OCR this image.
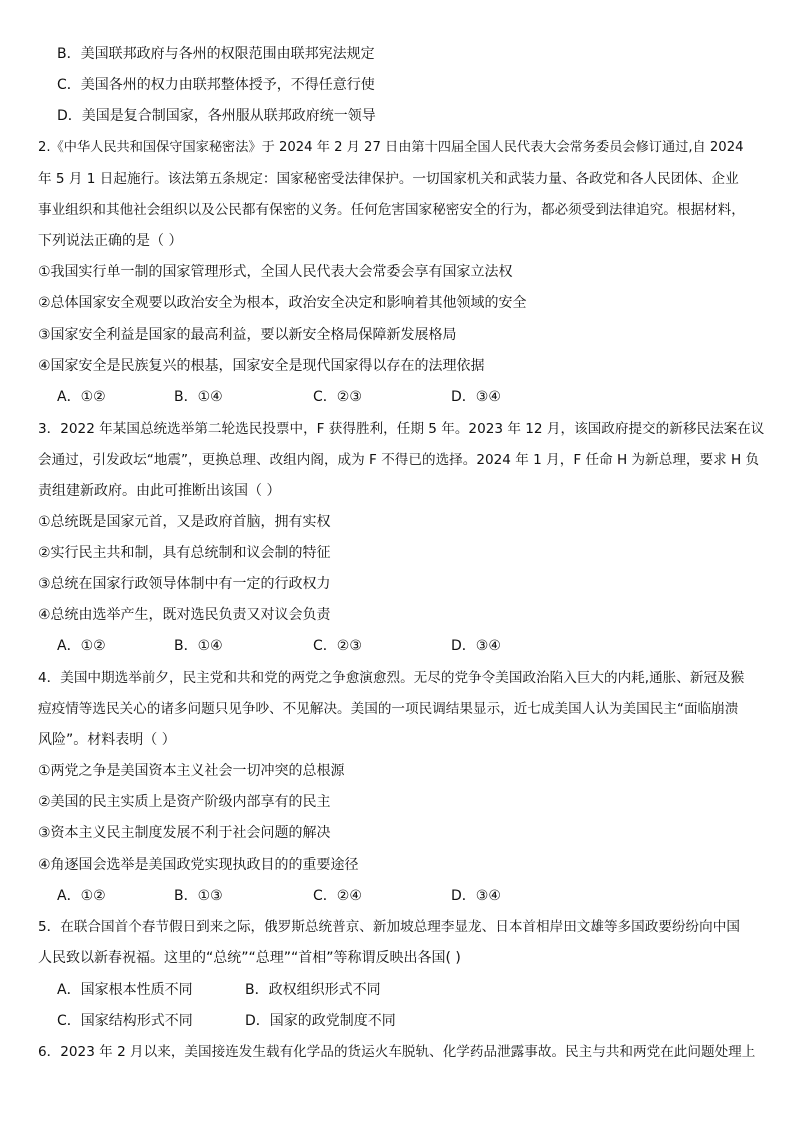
B．美国联邦政府与各州的权限范围由联邦宪法规定
C．美国各州的权力由联邦整体授予，不得任意行使
D．美国是复合制国家，各州服从联邦政府统一领导
2.《中华人民共和国保守国家秘密法》于 2024 年 2 月 27 日由第十四届全国人民代表大会常务委员会修订通过,自 2024
年 5 月 1 日起施行。该法第五条规定：国家秘密受法律保护。一切国家机关和武装力量、各政党和各人民团体、企业
事业组织和其他社会组织以及公民都有保密的义务。任何危害国家秘密安全的行为，都必须受到法律追究。根据材料，
下列说法正确的是（ ）
①我国实行单一制的国家管理形式，全国人民代表大会常委会享有国家立法权
②总体国家安全观要以政治安全为根本，政治安全决定和影响着其他领域的安全
③国家安全利益是国家的最高利益，要以新安全格局保障新发展格局
④国家安全是民族复兴的根基，国家安全是现代国家得以存在的法理依据
A．①②	B．①④	C．②③	D．③④
3．2022 年某国总统选举第二轮选民投票中，F 获得胜利，任期 5 年。2023 年 12 月，该国政府提交的新移民法案在议
会通过，引发政坛“地震”，更换总理、改组内阁，成为 F 不得已的选择。2024 年 1 月，F 任命 H 为新总理，要求 H 负
责组建新政府。由此可推断出该国（ ）
①总统既是国家元首，又是政府首脑，拥有实权
②实行民主共和制，具有总统制和议会制的特征
③总统在国家行政领导体制中有一定的行政权力
④总统由选举产生，既对选民负责又对议会负责
A．①②	B．①④	C．②③	D．③④
4．美国中期选举前夕，民主党和共和党的两党之争愈演愈烈。无尽的党争令美国政治陷入巨大的内耗,通胀、新冠及猴
痘疫情等选民关心的诸多问题只见争吵、不见解决。美国的一项民调结果显示，近七成美国人认为美国民主“面临崩溃
风险”。材料表明（ ）
①两党之争是美国资本主义社会一切冲突的总根源
②美国的民主实质上是资产阶级内部享有的民主
③资本主义民主制度发展不利于社会问题的解决
④角逐国会选举是美国政党实现执政目的的重要途径
A．①②	B．①③	C．②④	D．③④
5．在联合国首个春节假日到来之际，俄罗斯总统普京、新加坡总理李显龙、日本首相岸田文雄等多国政要纷纷向中国
人民致以新春祝福。这里的“总统”“总理”“首相”等称谓反映出各国( )
A．国家根本性质不同	B．政权组织形式不同
C．国家结构形式不同	D．国家的政党制度不同
6．2023 年 2 月以来，美国接连发生载有化学品的货运火车脱轨、化学药品泄露事故。民主与共和两党在此问题处理上
